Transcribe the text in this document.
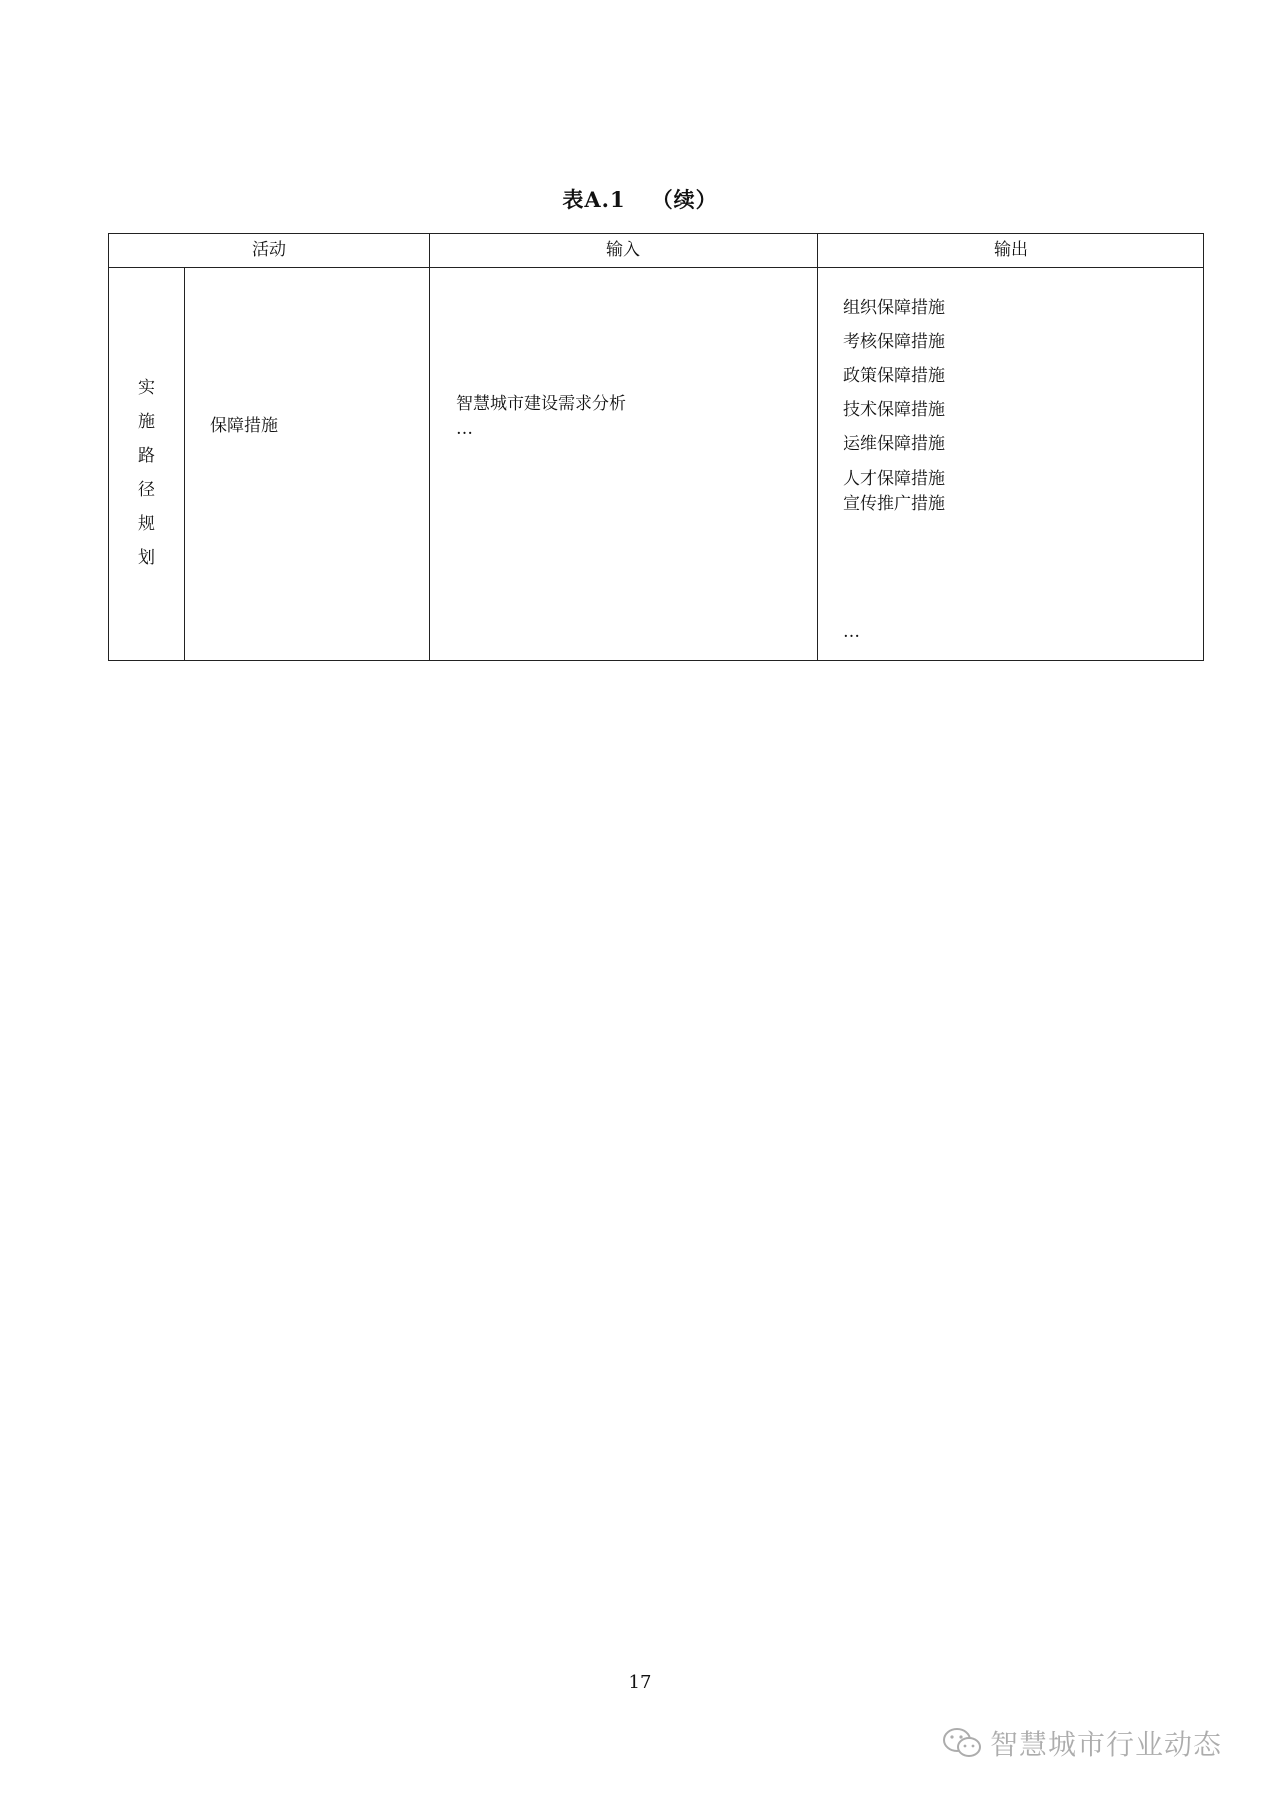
表A.1 （续）
活动	输入	输出
实
施
路
径
规
划
保障措施
智慧城市建设需求分析
…
组织保障措施
考核保障措施
政策保障措施
技术保障措施
运维保障措施
人才保障措施
宣传推广措施
…
17
智慧城市行业动态
